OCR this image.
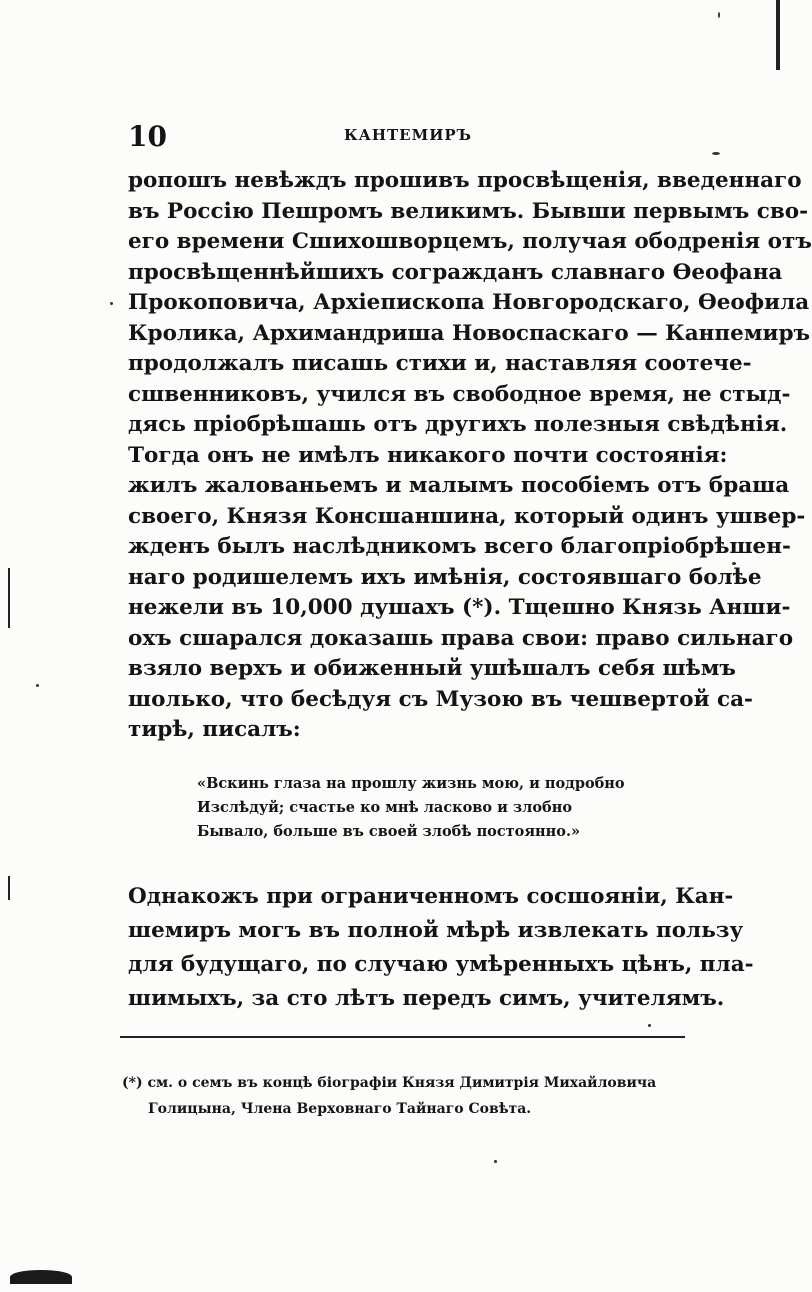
10	КАНТЕМИРЪ
ропошъ невѣждъ прошивъ просвѣщенія, введеннаго
въ Россію Пешромъ великимъ. Бывши первымъ сво-
его времени Сшихошворцемъ, получая ободренія отъ
просвѣщеннѣйшихъ согражданъ славнаго Ѳеофана
Прокоповича, Архіепископа Новгородскаго, Ѳеофила
Кролика, Архимандриша Новоспаскаго — Канпемиръ
продолжалъ писашь стихи и, наставляя соотече-
сшвенниковъ, учился въ свободное время, не стыд-
дясь пріобрѣшашь отъ другихъ полезныя свѣдѣнія.
Тогда онъ не имѣлъ никакого почти состоянія:
жилъ жалованьемъ и малымъ пособіемъ отъ браша
своего, Князя Консшаншина, который одинъ ушвер-
жденъ былъ наслѣдникомъ всего благопріобрѣшен-
наго родишелемъ ихъ имѣнія, состоявшаго болѣе
нежели въ 10,000 душахъ (*). Тщешно Князь Анши-
охъ сшарался доказашь права свои: право сильнаго
взяло верхъ и обиженный ушѣшалъ себя шѣмъ
шолько, что бесѣдуя съ Музою въ чешвертой са-
тирѣ, писалъ:
«Вскинь глаза на прошлу жизнь мою, и подробно
Изслѣдуй; счастье ко мнѣ ласково и злобно
Бывало, больше въ своей злобѣ постоянно.»
Однакожъ при ограниченномъ сосшояніи, Кан-
шемиръ могъ въ полной мѣрѣ извлекать пользу
для будущаго, по случаю умѣренныхъ цѣнъ, пла-
шимыхъ, за сто лѣтъ передъ симъ, учителямъ.
(*) см. о семъ въ концѣ біографіи Князя Димитрія Михайловича
Голицына, Члена Верховнаго Тайнаго Совѣта.
